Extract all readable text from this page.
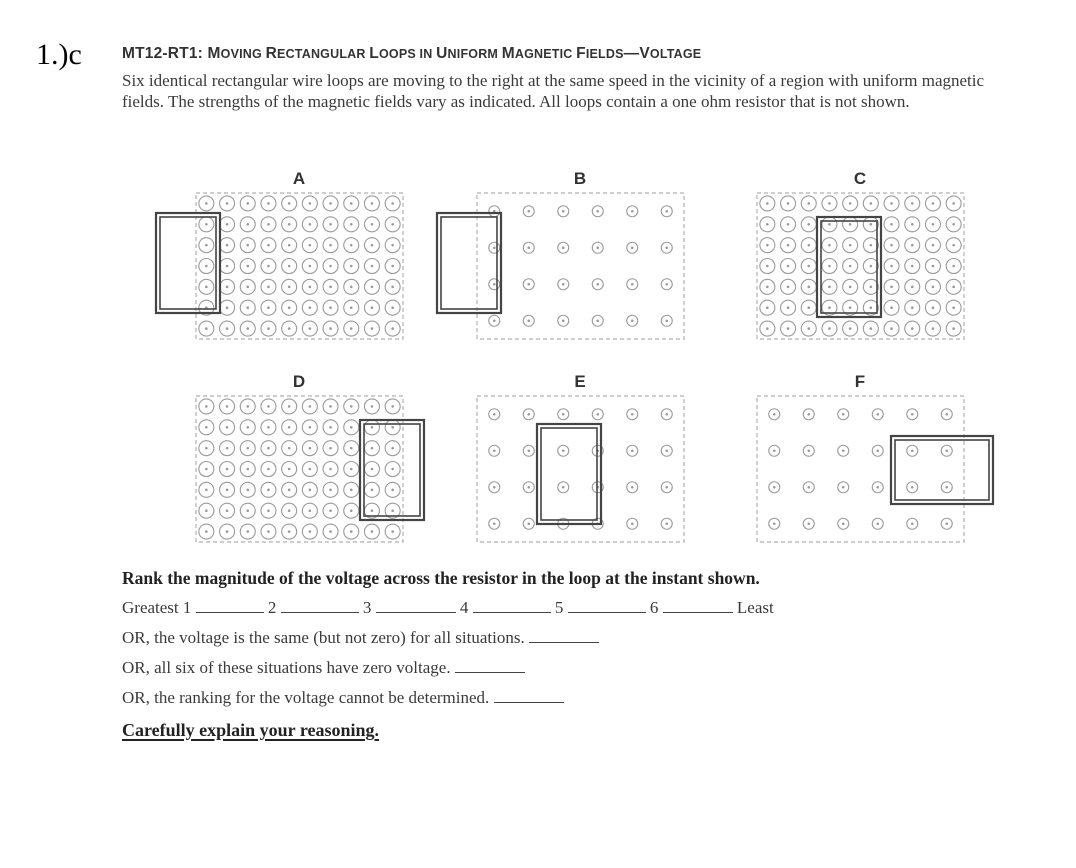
1.)c	MT12-RT1: MOVING RECTANGULAR LOOPS IN UNIFORM MAGNETIC FIELDS—VOLTAGE
Six identical rectangular wire loops are moving to the right at the same speed in the vicinity of a region with uniform magnetic fields. The strengths of the magnetic fields vary as indicated. All loops contain a one ohm resistor that is not shown.
A	B	C
D	E	F
Rank the magnitude of the voltage across the resistor in the loop at the instant shown.
Greatest 1	2	3	4	5	6	Least
OR, the voltage is the same (but not zero) for all situations.
OR, all six of these situations have zero voltage.
OR, the ranking for the voltage cannot be determined.
Carefully explain your reasoning.
